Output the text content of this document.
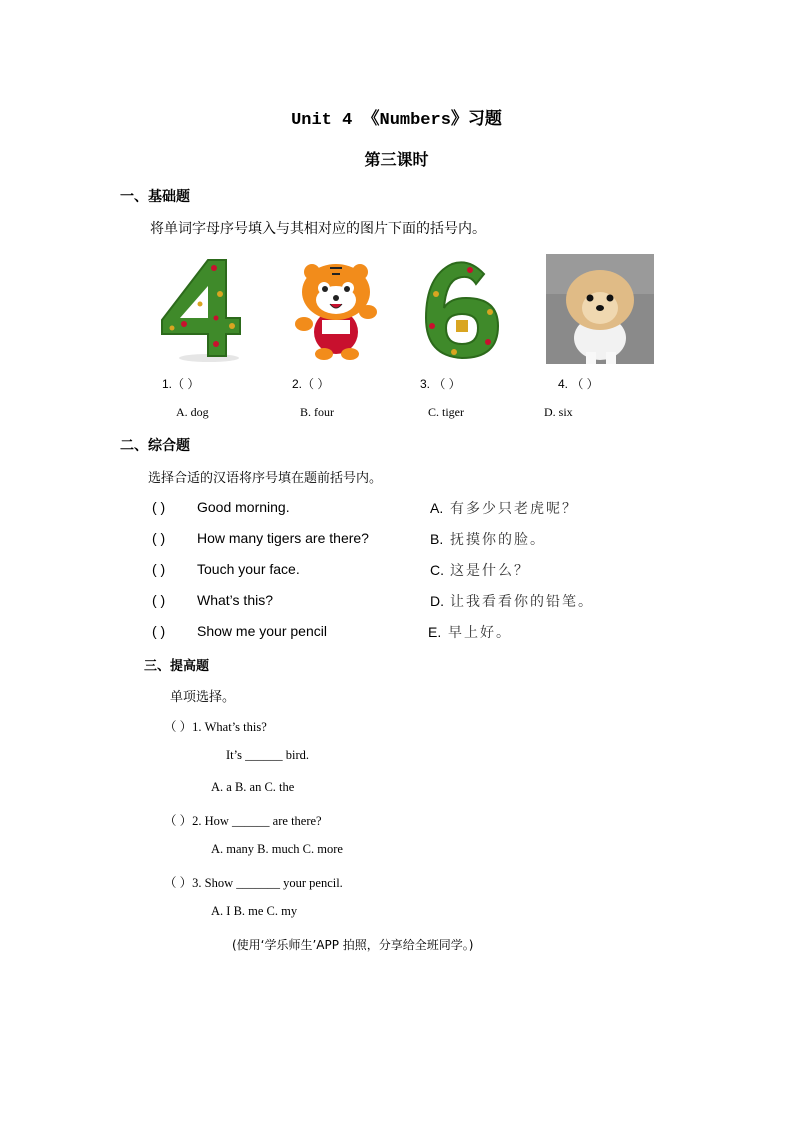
Unit 4 《Numbers》习题
第三课时
一、基础题
将单词字母序号填入与其相对应的图片下面的括号内。
1.（ ）	2.（ ）	3. （ ）	4. （ ）
A. dog	B. four	C. tiger	D. six
二、综合题
选择合适的汉语将序号填在题前括号内。
( ) Good morning.
( ) How many tigers are there?
( ) Touch your face.
( ) What’s this?
( ) Show me your pencil
A. 有多少只老虎呢？
B. 抚摸你的脸。
C. 这是什么？
D. 让我看看你的铅笔。
E. 早上好。
三、提高题
单项选择。
（ ）1. What’s this?
It’s ______ bird.
A. a B. an C. the
（ ）2. How ______ are there?
A. many B. much C. more
（ ）3. Show _______ your pencil.
A. I B. me C. my
(使用‘学乐师生’APP 拍照，分享给全班同学。)
